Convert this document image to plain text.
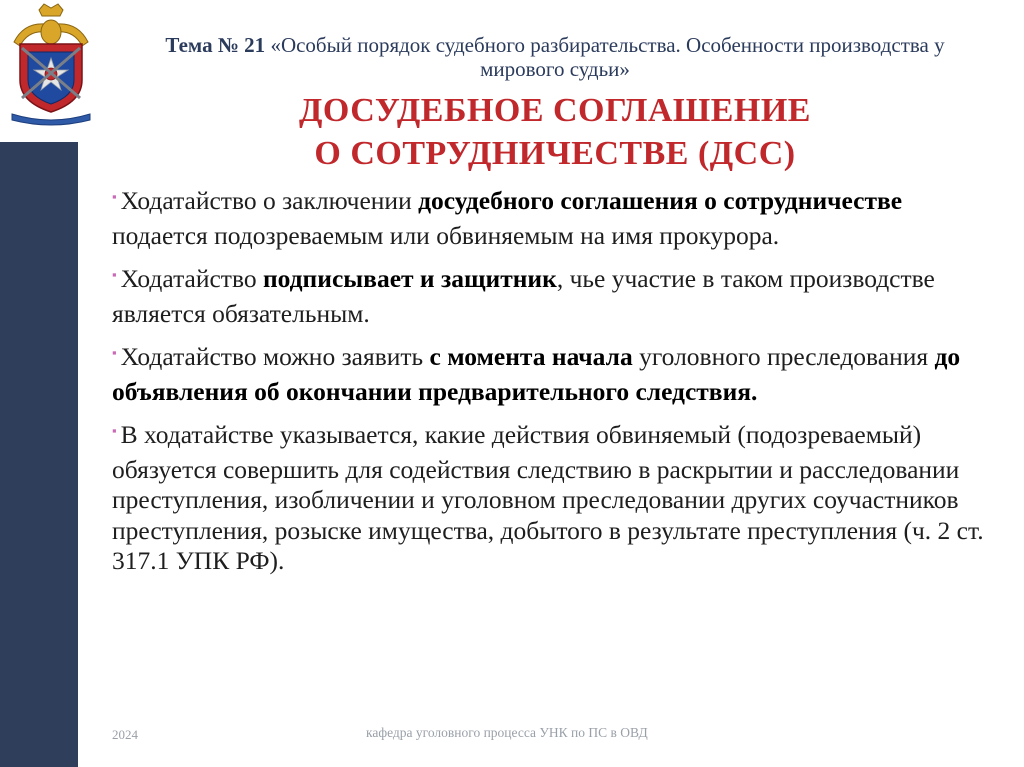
Тема № 21 «Особый порядок судебного разбирательства. Особенности производства у мирового судьи»
ДОСУДЕБНОЕ СОГЛАШЕНИЕ
О СОТРУДНИЧЕСТВЕ (ДСС)
▪ Ходатайство о заключении досудебного соглашения о сотрудничестве подается подозреваемым или обвиняемым на имя прокурора.
▪ Ходатайство подписывает и защитник, чье участие в таком производстве является обязательным.
▪ Ходатайство можно заявить с момента начала уголовного преследования до объявления об окончании предварительного следствия.
▪ В ходатайстве указывается, какие действия обвиняемый (подозреваемый) обязуется совершить для содействия следствию в раскрытии и расследовании преступления, изобличении и уголовном преследовании других соучастников преступления, розыске имущества, добытого в результате преступления (ч. 2 ст. 317.1 УПК РФ).
2024	кафедра уголовного процесса УНК по ПС в ОВД
